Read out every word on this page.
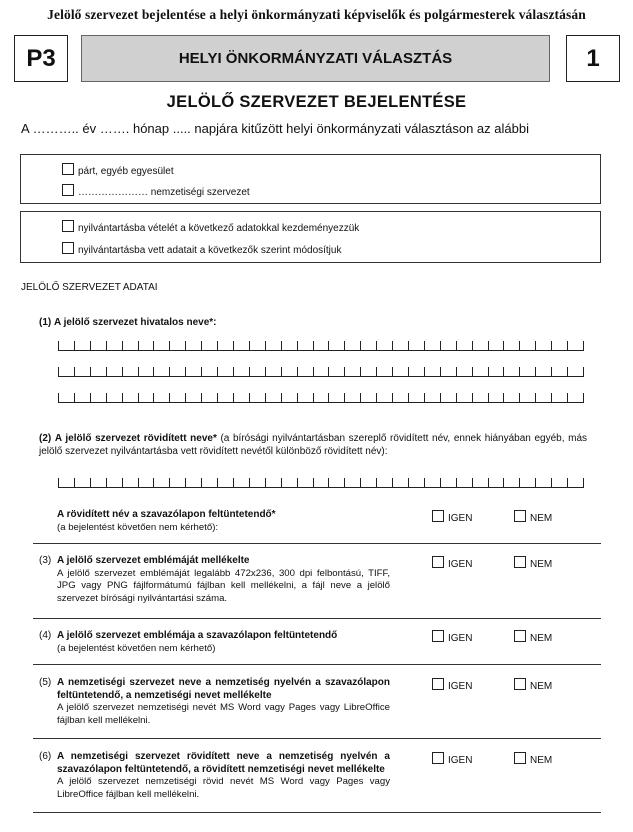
Jelölő szervezet bejelentése a helyi önkormányzati képviselők és polgármesterek választásán
P3	HELYI ÖNKORMÁNYZATI VÁLASZTÁS	1
JELÖLŐ SZERVEZET BEJELENTÉSE
A ……….. év ……. hónap ..... napjára kitűzött helyi önkormányzati választáson az alábbi
párt, egyéb egyesület
………………… nemzetiségi szervezet
nyilvántartásba vételét a következő adatokkal kezdeményezzük
nyilvántartásba vett adatait a következők szerint módosítjuk
JELÖLŐ SZERVEZET ADATAI
(1) A jelölő szervezet hivatalos neve*:
(2) A jelölő szervezet rövidített neve* (a bírósági nyilvántartásban szereplő rövidített név, ennek hiányában egyéb, más jelölő szervezet nyilvántartásba vett rövidített nevétől különböző rövidített név):
A rövidített név a szavazólapon feltüntetendő*
(a bejelentést követően nem kérhető):
IGEN	NEM
(3) A jelölő szervezet emblémáját mellékelte
A jelölő szervezet emblémáját legalább 472x236, 300 dpi felbontású, TIFF, JPG vagy PNG fájlformátumú fájlban kell mellékelni, a fájl neve a jelölő szervezet bírósági nyilvántartási száma.
IGEN	NEM
(4) A jelölő szervezet emblémája a szavazólapon feltüntetendő
(a bejelentést követően nem kérhető)
IGEN	NEM
(5) A nemzetiségi szervezet neve a nemzetiség nyelvén a szavazólapon feltüntetendő, a nemzetiségi nevet mellékelte
A jelölő szervezet nemzetiségi nevét MS Word vagy Pages vagy LibreOffice fájlban kell mellékelni.
IGEN	NEM
(6) A nemzetiségi szervezet rövidített neve a nemzetiség nyelvén a szavazólapon feltüntetendő, a rövidített nemzetiségi nevet mellékelte
A jelölő szervezet nemzetiségi rövid nevét MS Word vagy Pages vagy LibreOffice fájlban kell mellékelni.
IGEN	NEM
